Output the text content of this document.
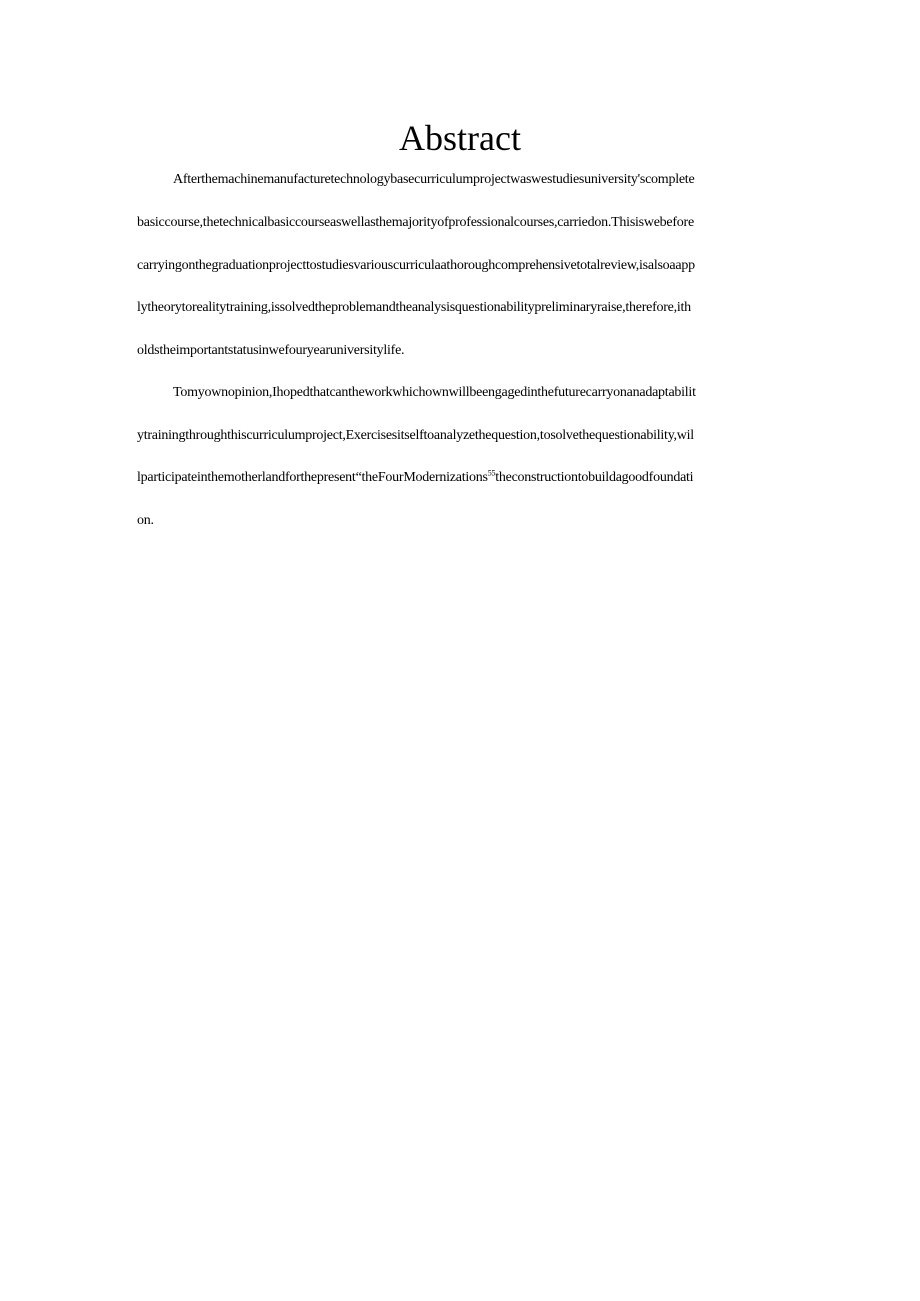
Abstract

Afterthemachinemanufacturetechnologybasecurriculumprojectwaswestudiesuniversity'scomplete

basiccourse,thetechnicalbasiccourseaswellasthemajorityofprofessionalcourses,carriedon.Thisiswebefore

carryingonthegraduationprojecttostudiesvariouscurriculaathoroughcomprehensivetotalreview,isalsoaapp

lytheorytorealitytraining,issolvedtheproblemandtheanalysisquestionabilitypreliminaryraise,therefore,ith

oldstheimportantstatusinwefouryearuniversitylife.

Tomyownopinion,Ihopedthatcantheworkwhichownwillbeengagedinthefuturecarryonanadaptabilit

ytrainingthroughthiscurriculumproject,Exercisesitselftoanalyzethequestion,tosolvethequestionability,wil

lparticipateinthemotherlandforthepresent“theFourModernizations$^{55}$theconstructiontobuildagoodfoundati

on.
